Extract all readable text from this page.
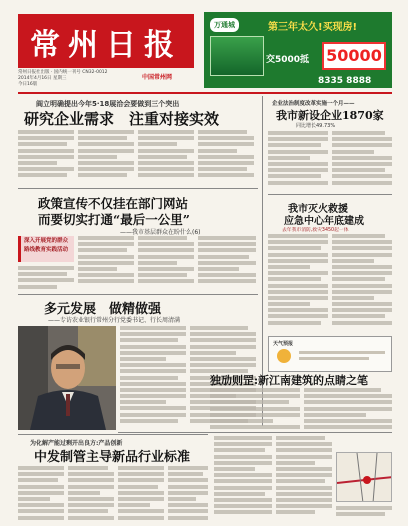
常州日报
常州日报社出版 · 国内统一刊号 CN32-0012
2014年4月16日 星期三
今日16版
中国常州网
万通城	第三年太久!买现房!
交5000抵 50000
8335 8888
阎立明确提出今年5·18展洽会要做到三个突出
研究企业需求　注重对接实效
企业法治制度改革实施一个月——
我市新设企业1870家
同比增长49.73%
政策宣传不仅挂在部门网站
而要切实打通“最后一公里”
——我市基层群众在盼什么(6)
深入开展党的群众
路线教育实践活动
我市灭火救援
应急中心年底建成
去年我市消防,救灾3450起一体
多元发展　做精做强
——专访农业银行常州分行党委书记、行长周清满
天气预报
独劢则罡:新江南建筑的点睛之笔
为化解产能过剩开出良方:产品创新
中发制管主导新品行业标准
